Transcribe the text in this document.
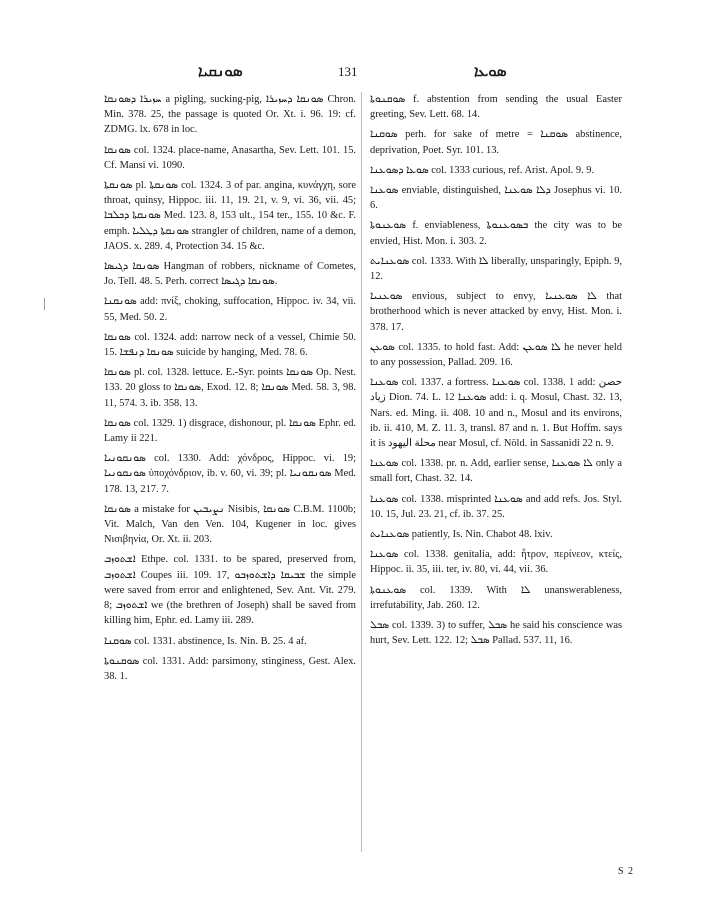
ܣܘܢܩܝܐ	131	ܣܘܥܐ

ܚܙܝܪܐ ܕܣܘܢܩܐ a pigling, sucking-pig, ܣܘܢܩܐ ܕܚܙܝܪܐ Chron. Min. 378. 25, the passage is quoted Or. Xt. i. 96. 19: cf. ZDMG. lx. 678 in loc.

ܣܘܢܩܐ col. 1324. place-name, Anasartha, Sev. Lett. 101. 15. Cf. Mansi vi. 1090.

ܣܘܢܩܬܐ pl. ܣܘܢܩܬܐ col. 1324. 3 of par. angina, κυνάγχη, sore throat, quinsy, Hippoc. iii. 11, 19. 21, v. 9, vi. 36, vii. 45; ܣܘܢܩܬܐ ܕܟܠܒܐ Med. 123. 8, 153 ult., 154 ter., 155. 10 &c. F. emph. ܣܘܢܩܬܐ ܕܛܠܝܐ strangler of children, name of a demon, JAOS. x. 289. 4, Protection 34. 15 &c.

ܣܘܢܩܐ ܕܓܝܣܐ Hangman of robbers, nickname of Cometes, Jo. Tell. 48. 5. Perh. correct ܣܘܢܩܐ ܕܓܝܣܐ.

ܣܘܢܩܢܐ add: πνίξ, choking, suffocation, Hippoc. iv. 34, vii. 55, Med. 50. 2.

ܣܘܢܩܐ col. 1324. add: narrow neck of a vessel, Chimie 50. 15. ܣܘܢܩܐ ܕܢܦܫܐ suicide by hanging, Med. 78. 6.

ܣܘܢܩܐ pl. col. 1328. lettuce. E.-Syr. points ܣܘܢܩܐ Op. Nest. 133. 20 gloss to ܣܘܢܩܐ, Exod. 12. 8; ܣܘܢܩܐ Med. 58. 3, 98. 11, 574. 3. ib. 358. 13.

ܣܘܢܩܐ col. 1329. 1) disgrace, dishonour, pl. ܣܘܢܩܐ Ephr. ed. Lamy ii 221.

ܣܘܢܩܘܢܝܐ col. 1330. Add: χόνδρος, Hippoc. vi. 19; ܣܘܢܩܘܢܝܐ ὑποχόνδριον, ib. v. 60, vi. 39; pl. ܣܘܢܩܘܢܝܐ Med. 178. 13, 217. 7.

ܣܘܢܩܐ a mistake for ܢܨܝܒܝܢ Nisibis, ܣܘܢܩܐ C.B.M. 1100b; Vit. Malch, Van den Ven. 104, Kugener in loc. gives Νισιβηνία, Or. Xt. ii. 203.

ܐܫܬܘܙܒ Ethpe. col. 1331. to be spared, preserved from, ܐܫܬܘܙܒ Coupes iii. 109. 17, ܫܒܝܩܐ ܕܐܫܬܘܙܒܘ the simple were saved from error and enlightened, Sev. Ant. Vit. 279. 8; ܐܫܬܘܙܒ we (the brethren of Joseph) shall be saved from killing him, Ephr. ed. Lamy iii. 289.

ܣܘܩܢܐ col. 1331. abstinence, Is. Nin. B. 25. 4 af.

ܣܘܩܢܘܬܐ col. 1331. Add: parsimony, stinginess, Gest. Alex. 38. 1.

ܣܘܩܢܘܬܐ f. abstention from sending the usual Easter greeting, Sev. Lett. 68. 14.

ܣܘܩܢܐ perh. for sake of metre = ܣܘܩܢܐ abstinence, deprivation, Poet. Syr. 101. 13.

ܣܘܥܐ ܕܣܘܥܢܐ col. 1333 curious, ref. Arist. Apol. 9. 9.

ܣܘܥܢܐ enviable, distinguished, ܕܠܐ ܣܘܥܢܐ Josephus vi. 10. 6.

ܣܘܥܢܘܬܐ f. enviableness, ܒܣܘܥܢܘܬܐ the city was to be envied, Hist. Mon. i. 303. 2.

ܣܘܥܢܐܝܬ col. 1333. With ܠܐ liberally, unsparingly, Epiph. 9, 12.

ܣܘܥܢܝܐ envious, subject to envy, ܠܐ ܣܘܥܢܝܐ that brotherhood which is never attacked by envy, Hist. Mon. i. 378. 17.

ܣܘܥܢ col. 1335. to hold fast. Add: ܠܐ ܣܘܥܢ he never held to any possession, Pallad. 209. 16.

ܣܘܥܢܐ col. 1337. a fortress. ܣܘܥܢܐ col. 1338. 1 add: حصن زياد Dion. 74. L. 12 ܣܘܥܢܐ add: i. q. Mosul, Chast. 32. 13, Nars. ed. Ming. ii. 408. 10 and n., Mosul and its environs, ib. ii. 410, M. Z. 11. 3, transl. 87 and n. 1. But Hoffm. says it is محلة اليهود near Mosul, cf. Nöld. in Sassanidi 22 n. 9.

ܣܘܥܢܐ col. 1338. pr. n. Add, earlier sense, ܠܐ ܣܘܥܢܐ only a small fort, Chast. 32. 14.

ܣܘܥܢܐ col. 1338. misprinted ܣܘܥܢܐ and add refs. Jos. Styl. 10. 15, Jul. 23. 21, cf. ib. 37. 25.

ܣܘܥܢܐܝܬ patiently, Is. Nin. Chabot 48. lxiv.

ܣܘܥܢܐ col. 1338. genitalia, add: ἦτρον, περίνεον, κτείς, Hippoc. ii. 35, iii. ter, iv. 80, vi. 44, vii. 36.

ܣܘܥܢܘܬܐ col. 1339. With ܠܐ unanswerableness, irrefutability, Jab. 260. 12.

ܣܒܠ col. 1339. 3) to suffer, ܣܒܠ he said his conscience was hurt, Sev. Lett. 122. 12; ܣܒܠ Pallad. 537. 11, 16.

S 2
